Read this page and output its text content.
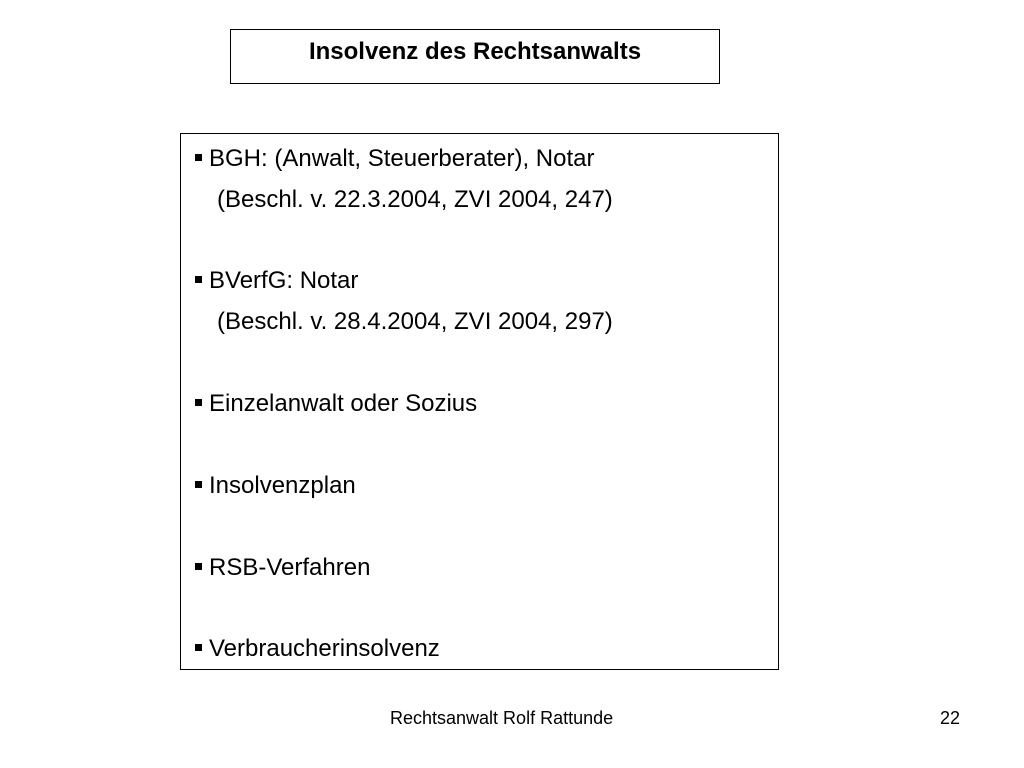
Insolvenz des Rechtsanwalts
BGH: (Anwalt, Steuerberater), Notar
(Beschl. v. 22.3.2004, ZVI 2004, 247)
BVerfG: Notar
(Beschl. v. 28.4.2004, ZVI 2004, 297)
Einzelanwalt oder Sozius
Insolvenzplan
RSB-Verfahren
Verbraucherinsolvenz
Rechtsanwalt Rolf Rattunde	22
